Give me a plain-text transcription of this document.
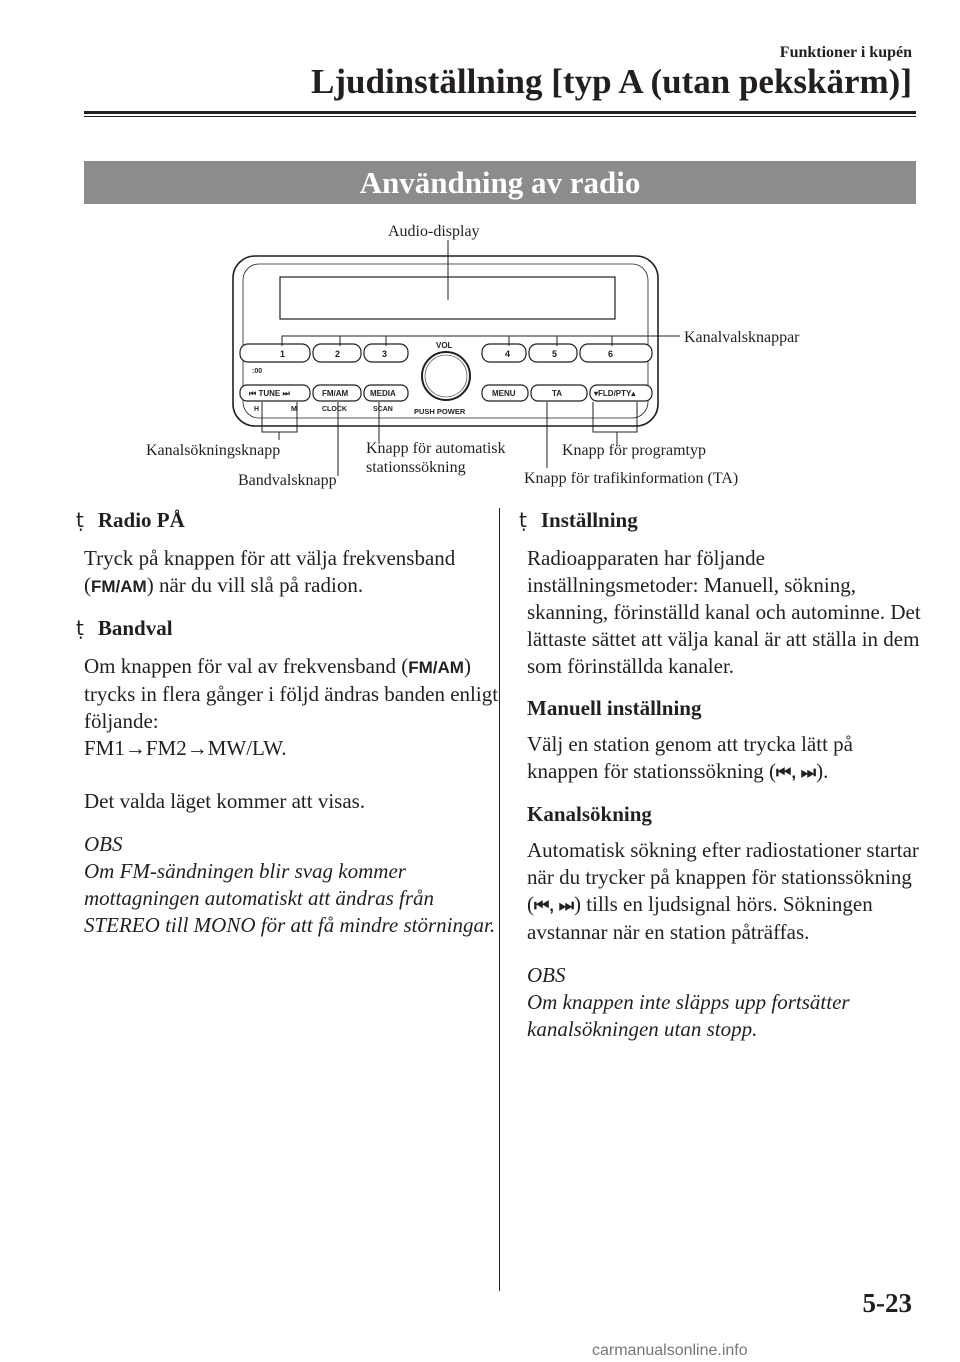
Funktioner i kupén
Ljudinställning [typ A (utan pekskärm)]
Användning av radio
1	2	3
:00
4	5	6
VOL
PUSH POWER
⏮ TUNE ⏭	FM/AM	MEDIA
H	M	CLOCK	SCAN
MENU	TA	▾FLD/PTY▴
Audio-display
Kanalvalsknappar
Kanalsökningsknapp
Bandvalsknapp
Knapp för automatisk
stationssökning
Knapp för programtyp
Knapp för trafikinformation (TA)
ṭ Radio PÅ

Tryck på knappen för att välja frekvensband (FM/AM) när du vill slå på radion.

ṭ Bandval

Om knappen för val av frekvensband (FM/AM) trycks in flera gånger i följd ändras banden enligt följande:

FM1→FM2→MW/LW.

Det valda läget kommer att visas.

OBS

Om FM-sändningen blir svag kommer mottagningen automatiskt att ändras från STEREO till MONO för att få mindre störningar.

ṭ Inställning

Radioapparaten har följande inställningsmetoder: Manuell, sökning, skanning, förinställd kanal och autominne. Det lättaste sättet att välja kanal är att ställa in dem som förinställda kanaler.

Manuell inställning

Välj en station genom att trycka lätt på knappen för stationssökning (⏮, ⏭).

Kanalsökning

Automatisk sökning efter radiostationer startar när du trycker på knappen för stationssökning (⏮, ⏭) tills en ljudsignal hörs. Sökningen avstannar när en station påträffas.

OBS

Om knappen inte släpps upp fortsätter kanalsökningen utan stopp.

5-23
carmanualsonline.info
